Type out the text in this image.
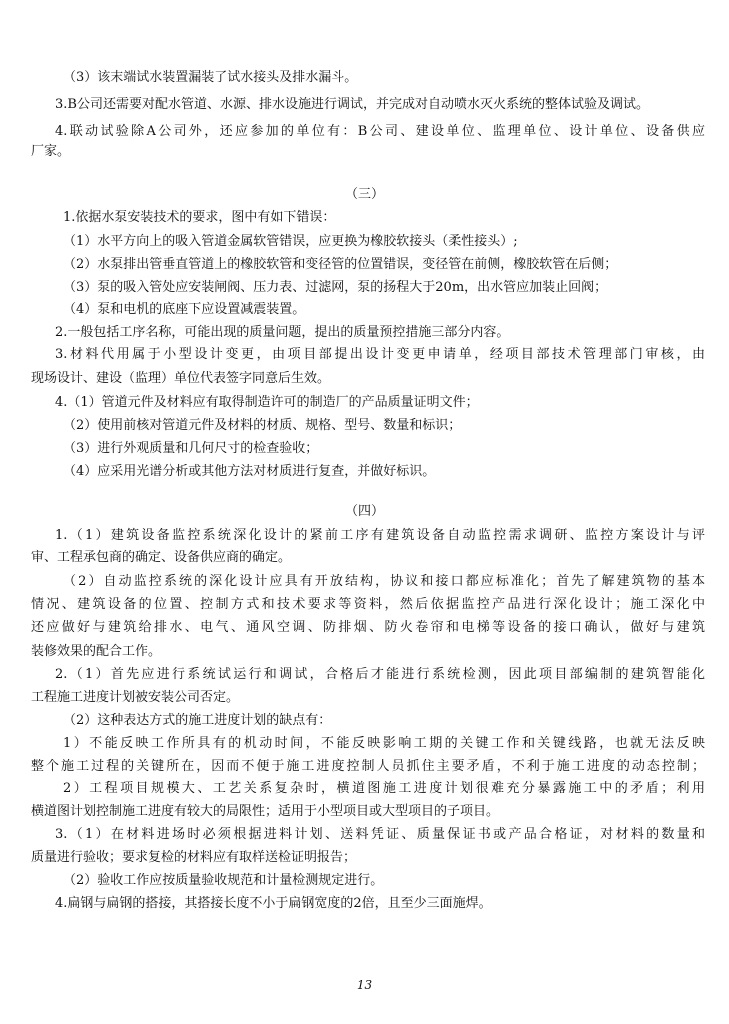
（3）该末端试水装置漏装了试水接头及排水漏斗。
3.B公司还需要对配水管道、水源、排水设施进行调试，并完成对自动喷水灭火系统的整体试验及调试。
4.联动试验除A公司外，还应参加的单位有：B公司、建设单位、监理单位、设计单位、设备供应
厂家。
（三）
1.依据水泵安装技术的要求，图中有如下错误：
（1）水平方向上的吸入管道金属软管错误，应更换为橡胶软接头（柔性接头）;
（2）水泵排出管垂直管道上的橡胶软管和变径管的位置错误，变径管在前侧，橡胶软管在后侧；
（3）泵的吸入管处应安装闸阀、压力表、过滤网，泵的扬程大于20m，出水管应加装止回阀；
（4）泵和电机的底座下应设置减震装置。
2.一般包括工序名称，可能出现的质量问题，提出的质量预控措施三部分内容。
3.材料代用属于小型设计变更，由项目部提出设计变更申请单，经项目部技术管理部门审核，由
现场设计、建设（监理）单位代表签字同意后生效。
4.（1）管道元件及材料应有取得制造许可的制造厂的产品质量证明文件；
（2）使用前核对管道元件及材料的材质、规格、型号、数量和标识；
（3）进行外观质量和几何尺寸的检查验收；
（4）应采用光谱分析或其他方法对材质进行复查，并做好标识。
（四）
1.（1）建筑设备监控系统深化设计的紧前工序有建筑设备自动监控需求调研、监控方案设计与评
审、工程承包商的确定、设备供应商的确定。
（2）自动监控系统的深化设计应具有开放结构，协议和接口都应标准化；首先了解建筑物的基本
情况、建筑设备的位置、控制方式和技术要求等资料，然后依据监控产品进行深化设计；施工深化中
还应做好与建筑给排水、电气、通风空调、防排烟、防火卷帘和电梯等设备的接口确认，做好与建筑
装修效果的配合工作。
2.（1）首先应进行系统试运行和调试，合格后才能进行系统检测，因此项目部编制的建筑智能化
工程施工进度计划被安装公司否定。
（2）这种表达方式的施工进度计划的缺点有：
1）不能反映工作所具有的机动时间，不能反映影响工期的关键工作和关键线路，也就无法反映
整个施工过程的关键所在，因而不便于施工进度控制人员抓住主要矛盾，不利于施工进度的动态控制；
2）工程项目规模大、工艺关系复杂时，横道图施工进度计划很难充分暴露施工中的矛盾；利用
横道图计划控制施工进度有较大的局限性；适用于小型项目或大型项目的子项目。
3.（1）在材料进场时必须根据进料计划、送料凭证、质量保证书或产品合格证，对材料的数量和
质量进行验收；要求复检的材料应有取样送检证明报告；
（2）验收工作应按质量验收规范和计量检测规定进行。
4.扁钢与扁钢的搭接，其搭接长度不小于扁钢宽度的2倍，且至少三面施焊。
13
